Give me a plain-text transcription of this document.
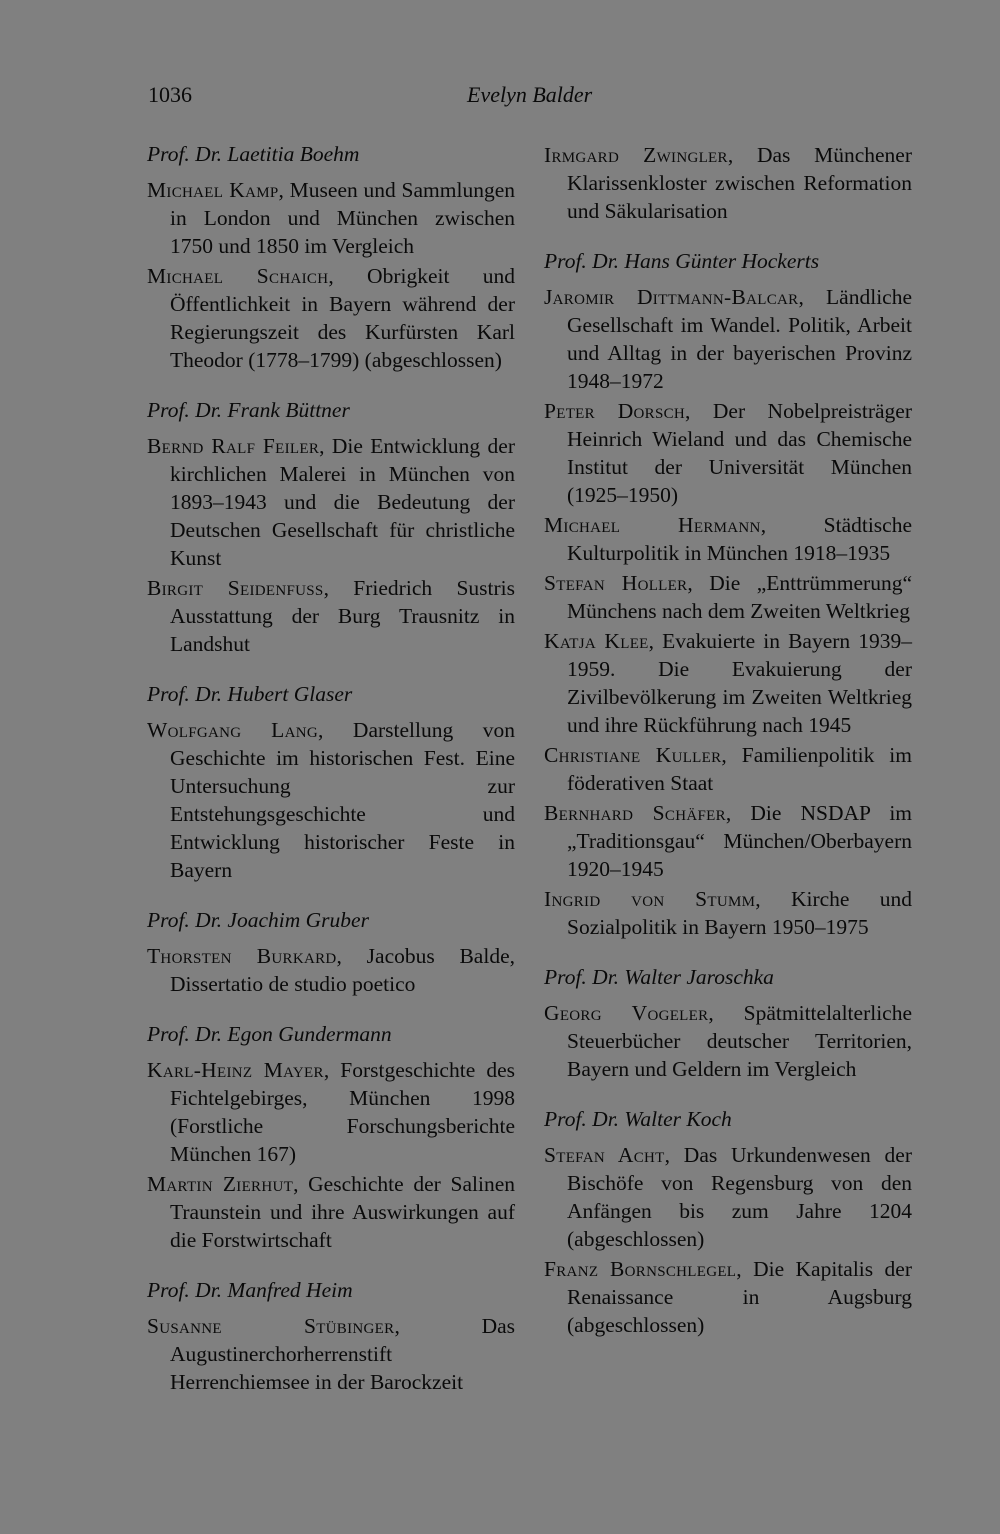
1036	Evelyn Balder
Prof. Dr. Laetitia Boehm
Michael Kamp, Museen und Sammlungen in London und München zwischen 1750 und 1850 im Vergleich
Michael Schaich, Obrigkeit und Öffentlichkeit in Bayern während der Regierungszeit des Kurfürsten Karl Theodor (1778–1799) (abgeschlossen)
Prof. Dr. Frank Büttner
Bernd Ralf Feiler, Die Entwicklung der kirchlichen Malerei in München von 1893–1943 und die Bedeutung der Deutschen Gesellschaft für christliche Kunst
Birgit Seidenfuss, Friedrich Sustris Ausstattung der Burg Trausnitz in Landshut
Prof. Dr. Hubert Glaser
Wolfgang Lang, Darstellung von Geschichte im historischen Fest. Eine Untersuchung zur Entstehungsgeschichte und Entwicklung historischer Feste in Bayern
Prof. Dr. Joachim Gruber
Thorsten Burkard, Jacobus Balde, Dissertatio de studio poetico
Prof. Dr. Egon Gundermann
Karl-Heinz Mayer, Forstgeschichte des Fichtelgebirges, München 1998 (Forstliche Forschungsberichte München 167)
Martin Zierhut, Geschichte der Salinen Traunstein und ihre Auswirkungen auf die Forstwirtschaft
Prof. Dr. Manfred Heim
Susanne Stübinger, Das Augustinerchorherrenstift Herrenchiemsee in der Barockzeit
Irmgard Zwingler, Das Münchener Klarissenkloster zwischen Reformation und Säkularisation
Prof. Dr. Hans Günter Hockerts
Jaromir Dittmann-Balcar, Ländliche Gesellschaft im Wandel. Politik, Arbeit und Alltag in der bayerischen Provinz 1948–1972
Peter Dorsch, Der Nobelpreisträger Heinrich Wieland und das Chemische Institut der Universität München (1925–1950)
Michael Hermann, Städtische Kulturpolitik in München 1918–1935
Stefan Holler, Die „Enttrümmerung“ Münchens nach dem Zweiten Weltkrieg
Katja Klee, Evakuierte in Bayern 1939–1959. Die Evakuierung der Zivilbevölkerung im Zweiten Weltkrieg und ihre Rückführung nach 1945
Christiane Kuller, Familienpolitik im föderativen Staat
Bernhard Schäfer, Die NSDAP im „Traditionsgau“ München/Oberbayern 1920–1945
Ingrid von Stumm, Kirche und Sozialpolitik in Bayern 1950–1975
Prof. Dr. Walter Jaroschka
Georg Vogeler, Spätmittelalterliche Steuerbücher deutscher Territorien, Bayern und Geldern im Vergleich
Prof. Dr. Walter Koch
Stefan Acht, Das Urkundenwesen der Bischöfe von Regensburg von den Anfängen bis zum Jahre 1204 (abgeschlossen)
Franz Bornschlegel, Die Kapitalis der Renaissance in Augsburg (abgeschlossen)
